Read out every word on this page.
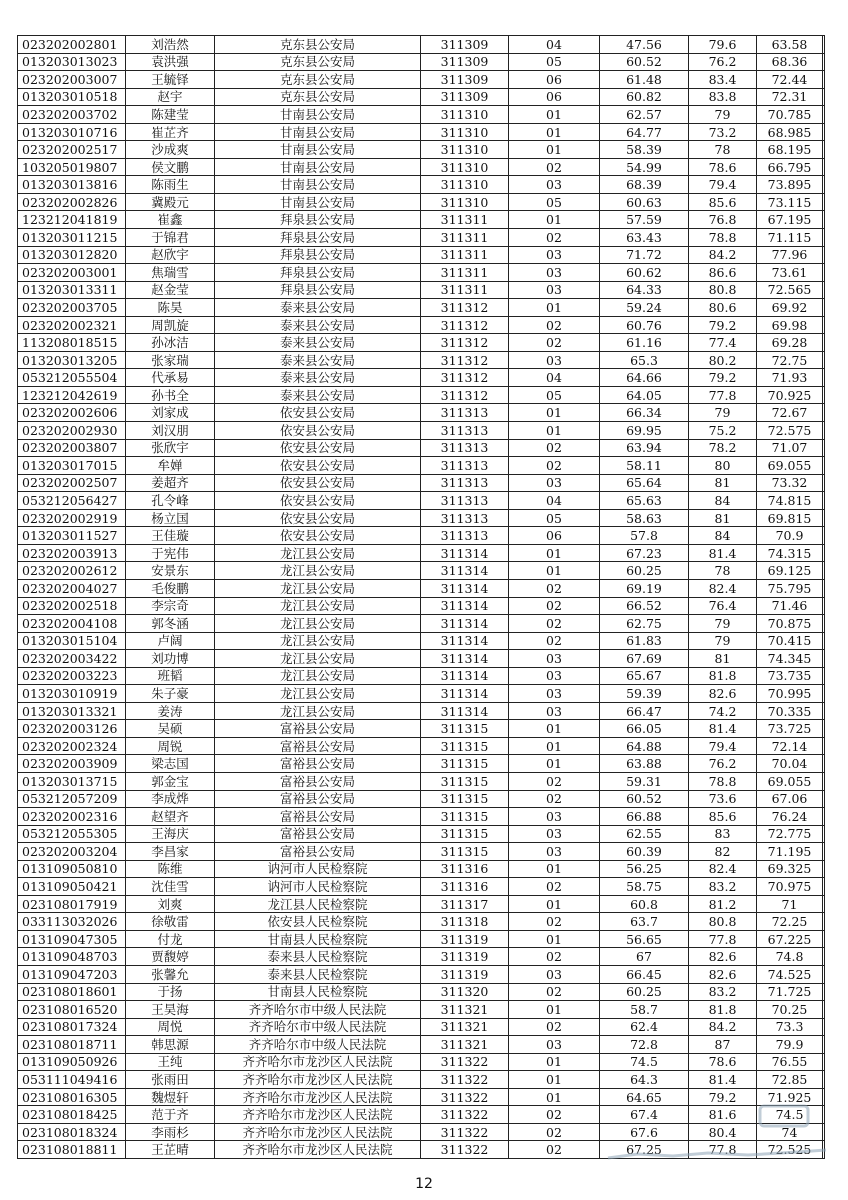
023202002801	刘浩然	克东县公安局	311309	04	47.56	79.6	63.58	
013203013023	袁洪强	克东县公安局	311309	05	60.52	76.2	68.36	
023202003007	王毓铎	克东县公安局	311309	06	61.48	83.4	72.44	
013203010518	赵宇	克东县公安局	311309	06	60.82	83.8	72.31	
023202003702	陈建莹	甘南县公安局	311310	01	62.57	79	70.785	
013203010716	崔芷齐	甘南县公安局	311310	01	64.77	73.2	68.985	
023202002517	沙成爽	甘南县公安局	311310	01	58.39	78	68.195	
103205019807	侯文鹏	甘南县公安局	311310	02	54.99	78.6	66.795	
013203013816	陈雨生	甘南县公安局	311310	03	68.39	79.4	73.895	
023202002826	冀殿元	甘南县公安局	311310	05	60.63	85.6	73.115	
123212041819	崔鑫	拜泉县公安局	311311	01	57.59	76.8	67.195	
013203011215	于锦君	拜泉县公安局	311311	02	63.43	78.8	71.115	
013203012820	赵欣宇	拜泉县公安局	311311	03	71.72	84.2	77.96	
023202003001	焦瑞雪	拜泉县公安局	311311	03	60.62	86.6	73.61	
013203013311	赵金莹	拜泉县公安局	311311	03	64.33	80.8	72.565	
023202003705	陈昊	泰来县公安局	311312	01	59.24	80.6	69.92	
023202002321	周凯旋	泰来县公安局	311312	02	60.76	79.2	69.98	
113208018515	孙冰洁	泰来县公安局	311312	02	61.16	77.4	69.28	
013203013205	张家瑞	泰来县公安局	311312	03	65.3	80.2	72.75	
053212055504	代承易	泰来县公安局	311312	04	64.66	79.2	71.93	
123212042619	孙书全	泰来县公安局	311312	05	64.05	77.8	70.925	
023202002606	刘家成	依安县公安局	311313	01	66.34	79	72.67	
023202002930	刘汉朋	依安县公安局	311313	01	69.95	75.2	72.575	
023202003807	张欣宇	依安县公安局	311313	02	63.94	78.2	71.07	
013203017015	牟婵	依安县公安局	311313	02	58.11	80	69.055	
023202002507	姜超齐	依安县公安局	311313	03	65.64	81	73.32	
053212056427	孔令峰	依安县公安局	311313	04	65.63	84	74.815	
023202002919	杨立国	依安县公安局	311313	05	58.63	81	69.815	
013203011527	王佳璇	依安县公安局	311313	06	57.8	84	70.9	
023202003913	于宪伟	龙江县公安局	311314	01	67.23	81.4	74.315	
023202002612	安景东	龙江县公安局	311314	01	60.25	78	69.125	
023202004027	毛俊鹏	龙江县公安局	311314	02	69.19	82.4	75.795	
023202002518	李宗奇	龙江县公安局	311314	02	66.52	76.4	71.46	
023202004108	郭冬涵	龙江县公安局	311314	02	62.75	79	70.875	
013203015104	卢阔	龙江县公安局	311314	02	61.83	79	70.415	
023202003422	刘功博	龙江县公安局	311314	03	67.69	81	74.345	
023202003223	班韬	龙江县公安局	311314	03	65.67	81.8	73.735	
013203010919	朱子豪	龙江县公安局	311314	03	59.39	82.6	70.995	
013203013321	姜涛	龙江县公安局	311314	03	66.47	74.2	70.335	
023202003126	吴硕	富裕县公安局	311315	01	66.05	81.4	73.725	
023202002324	周锐	富裕县公安局	311315	01	64.88	79.4	72.14	
023202003909	梁志国	富裕县公安局	311315	01	63.88	76.2	70.04	
013203013715	郭金宝	富裕县公安局	311315	02	59.31	78.8	69.055	
053212057209	李成烨	富裕县公安局	311315	02	60.52	73.6	67.06	
023202002316	赵望齐	富裕县公安局	311315	03	66.88	85.6	76.24	
053212055305	王海庆	富裕县公安局	311315	03	62.55	83	72.775	
023202003204	李昌家	富裕县公安局	311315	03	60.39	82	71.195	
013109050810	陈维	讷河市人民检察院	311316	01	56.25	82.4	69.325	
013109050421	沈佳雪	讷河市人民检察院	311316	02	58.75	83.2	70.975	
023108017919	刘爽	龙江县人民检察院	311317	01	60.8	81.2	71	
033113032026	徐敬雷	依安县人民检察院	311318	02	63.7	80.8	72.25	
013109047305	付龙	甘南县人民检察院	311319	01	56.65	77.8	67.225	
013109048703	贾馥婷	泰来县人民检察院	311319	02	67	82.6	74.8	
013109047203	张馨允	泰来县人民检察院	311319	03	66.45	82.6	74.525	
023108018601	于扬	甘南县人民检察院	311320	02	60.25	83.2	71.725	
023108016520	王昊海	齐齐哈尔市中级人民法院	311321	01	58.7	81.8	70.25	
023108017324	周悦	齐齐哈尔市中级人民法院	311321	02	62.4	84.2	73.3	
023108018711	韩思源	齐齐哈尔市中级人民法院	311321	03	72.8	87	79.9	
013109050926	王纯	齐齐哈尔市龙沙区人民法院	311322	01	74.5	78.6	76.55	
053111049416	张雨田	齐齐哈尔市龙沙区人民法院	311322	01	64.3	81.4	72.85	
023108016305	魏煜轩	齐齐哈尔市龙沙区人民法院	311322	01	64.65	79.2	71.925	
023108018425	范于齐	齐齐哈尔市龙沙区人民法院	311322	02	67.4	81.6	74.5	
023108018324	李雨杉	齐齐哈尔市龙沙区人民法院	311322	02	67.6	80.4	74	
023108018811	王芷晴	齐齐哈尔市龙沙区人民法院	311322	02	67.25	77.8	72.525	
12
